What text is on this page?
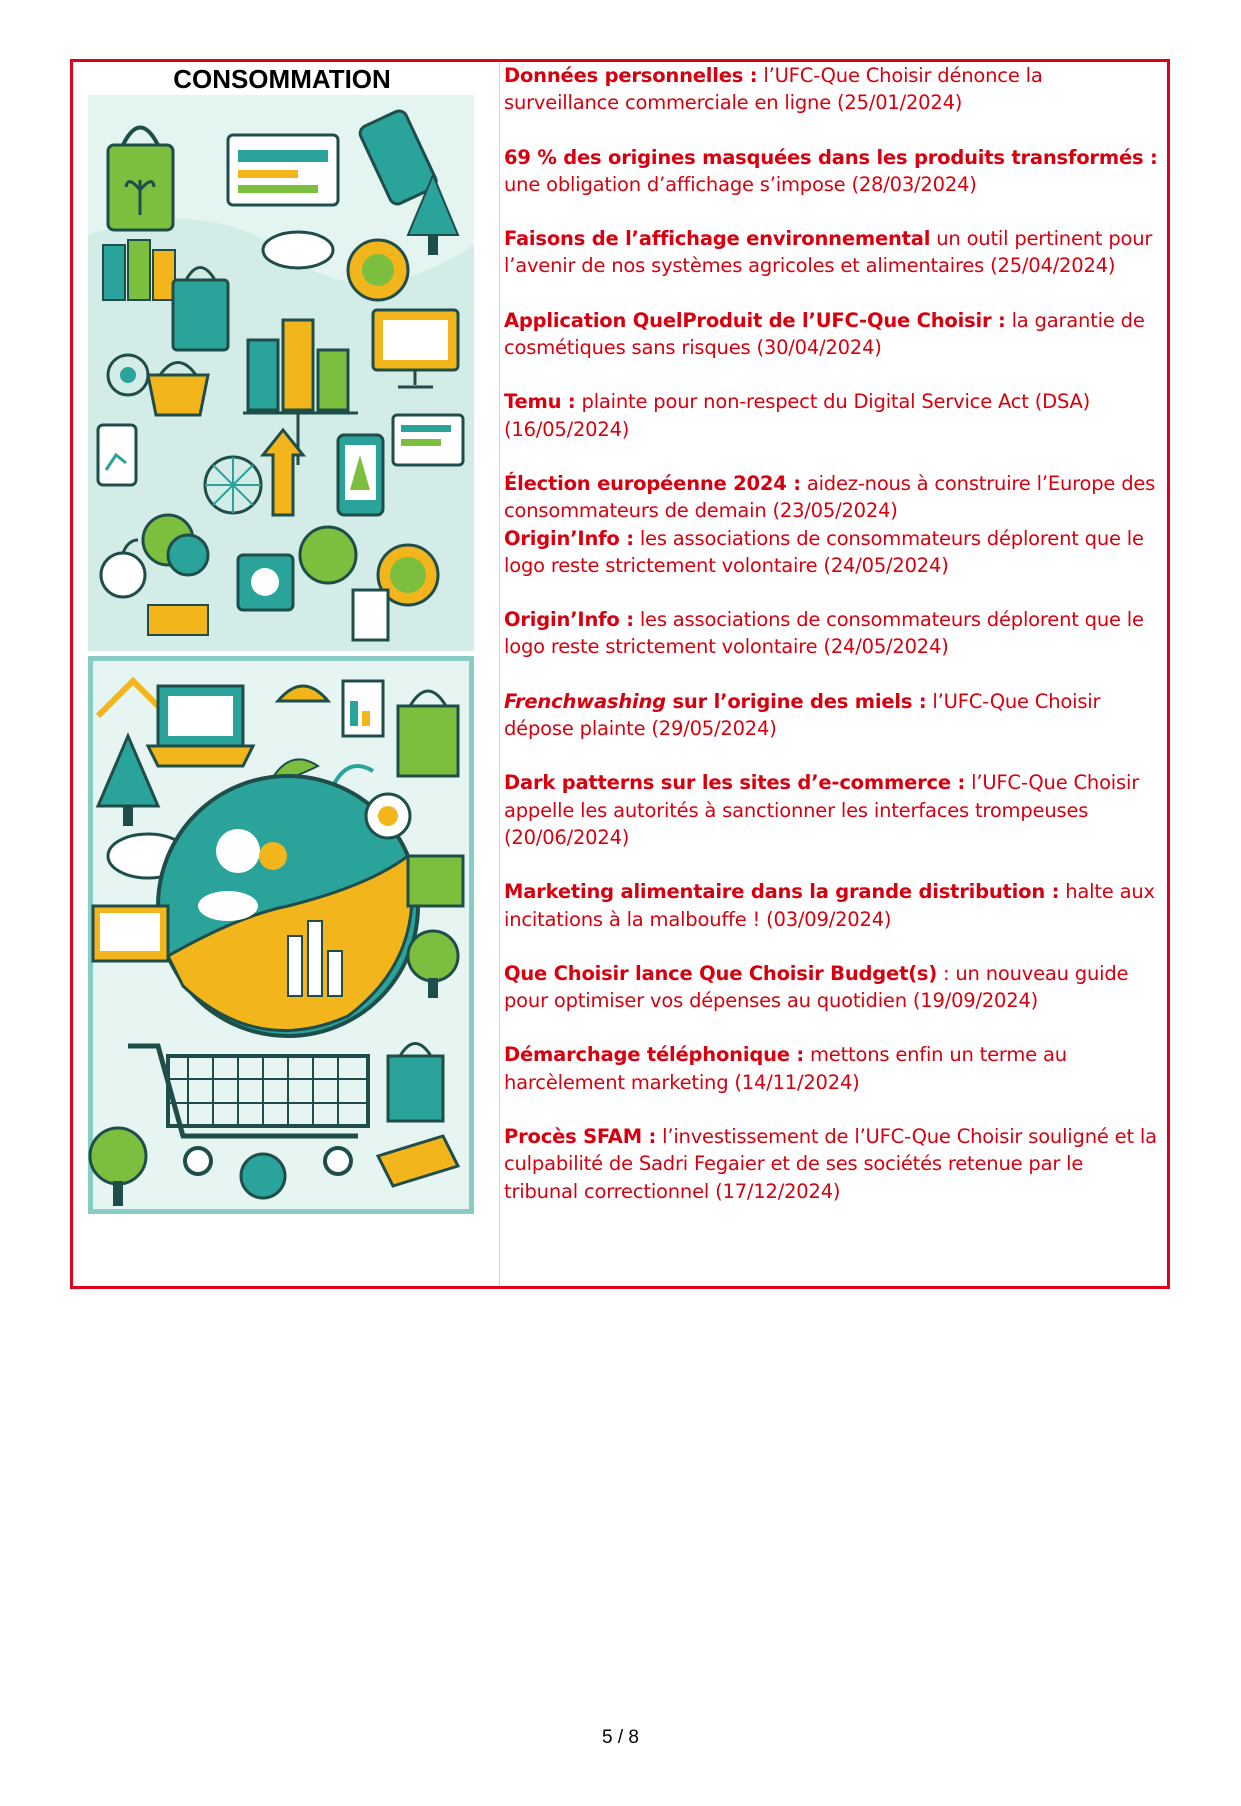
CONSOMMATION	Données personnelles : l’UFC-Que Choisir dénonce la surveillance commerciale en ligne (25/01/2024)
69 % des origines masquées dans les produits transformés : une obligation d’affichage s’impose (28/03/2024)
Faisons de l’affichage environnemental un outil pertinent pour l’avenir de nos systèmes agricoles et alimentaires (25/04/2024)
Application QuelProduit de l’UFC-Que Choisir : la garantie de cosmétiques sans risques (30/04/2024)
Temu : plainte pour non-respect du Digital Service Act (DSA) (16/05/2024)
Élection européenne 2024 : aidez-nous à construire l’Europe des consommateurs de demain (23/05/2024)
Origin’Info : les associations de consommateurs déplorent que le logo reste strictement volontaire (24/05/2024)
Origin’Info : les associations de consommateurs déplorent que le logo reste strictement volontaire (24/05/2024)
Frenchwashing sur l’origine des miels : l’UFC-Que Choisir dépose plainte (29/05/2024)
Dark patterns sur les sites d’e-commerce : l’UFC-Que Choisir appelle les autorités à sanctionner les interfaces trompeuses (20/06/2024)
Marketing alimentaire dans la grande distribution : halte aux incitations à la malbouffe ! (03/09/2024)
Que Choisir lance Que Choisir Budget(s) : un nouveau guide pour optimiser vos dépenses au quotidien (19/09/2024)
Démarchage téléphonique : mettons enfin un terme au harcèlement marketing (14/11/2024)
Procès SFAM : l’investissement de l’UFC-Que Choisir souligné et la culpabilité de Sadri Fegaier et de ses sociétés retenue par le tribunal correctionnel (17/12/2024)
5 / 8
